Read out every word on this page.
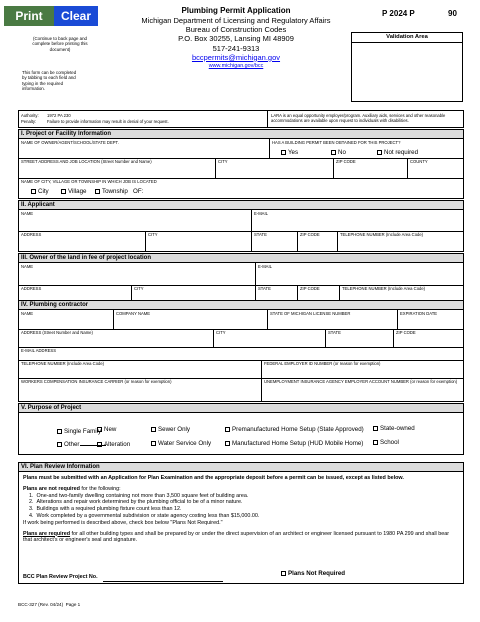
Print	Clear
(Continue to back page and complete before printing this document)
This form can be completed by tabbing to each field and typing in the required information.
Plumbing Permit Application
Michigan Department of Licensing and Regulatory Affairs
Bureau of Construction Codes
P.O. Box 30255, Lansing MI 48909
517-241-9313
bccpermits@michigan.gov
www.michigan.gov/bcc
P 2024 P	90
Validation Area
Authority: 1972 PA 230
Penalty:	Failure to provide information may result in denial of your request.
LARA is an equal opportunity employer/program. Auxiliary aids, services and other reasonable accommodations are available upon request to individuals with disabilities.
I. Project or Facility Information
NAME OF OWNER/AGENT/SCHOOL/STATE DEPT.	HAS A BUILDING PERMIT BEEN OBTAINED FOR THIS PROJECT?
Yes	No	Not required
STREET ADDRESS AND JOB LOCATION (Street Number and Name)	CITY	ZIP CODE	COUNTY
NAME OF CITY, VILLAGE OR TOWNSHIP IN WHICH JOB IS LOCATED
City	Village	Township OF:
II. Applicant
NAME	E-MAIL
ADDRESS	CITY	STATE	ZIP CODE	TELEPHONE NUMBER (Include Area Code)
III. Owner of the land in fee of project location
NAME	E-MAIL
ADDRESS	CITY	STATE	ZIP CODE	TELEPHONE NUMBER (Include Area Code)
IV. Plumbing contractor
NAME	COMPANY NAME	STATE OF MICHIGAN LICENSE NUMBER	EXPIRATION DATE
ADDRESS (Street Number and Name)	CITY	STATE	ZIP CODE
E-MAIL ADDRESS
TELEPHONE NUMBER (Include Area Code)	FEDERAL EMPLOYER ID NUMBER (or reason for exemption)
WORKERS COMPENSATION INSURANCE CARRIER (or reason for exemption)	UNEMPLOYMENT INSURANCE AGENCY EMPLOYER ACCOUNT NUMBER (or reason for exemption)
V. Purpose of Project
Single Family New	Sewer Only	Premanufactured Home Setup (State Approved)	State-owned
Other	Alteration	Water Service Only	Manufactured Home Setup (HUD Mobile Home)	School
VI. Plan Review Information
Plans must be submitted with an Application for Plan Examination and the appropriate deposit before a permit can be issued, except as listed below.
Plans are not required for the following:
1.  One-and two-family dwelling containing not more than 3,500 square feet of building area.
2.  Alterations and repair work determined by the plumbing official to be of a minor nature.
3.  Buildings with a required plumbing fixture count less than 12.
4.  Work completed by a governmental subdivision or state agency costing less than $15,000.00.
If work being performed is described above, check box below "Plans Not Required."
Plans are required for all other building types and shall be prepared by or under the direct supervision of an architect or engineer licensed pursuant to 1980 PA 299 and shall bear that architect's or engineer's seal and signature.
BCC Plan Review Project No.	Plans Not Required
BCC-327 (Rev. 04/24) Page 1
